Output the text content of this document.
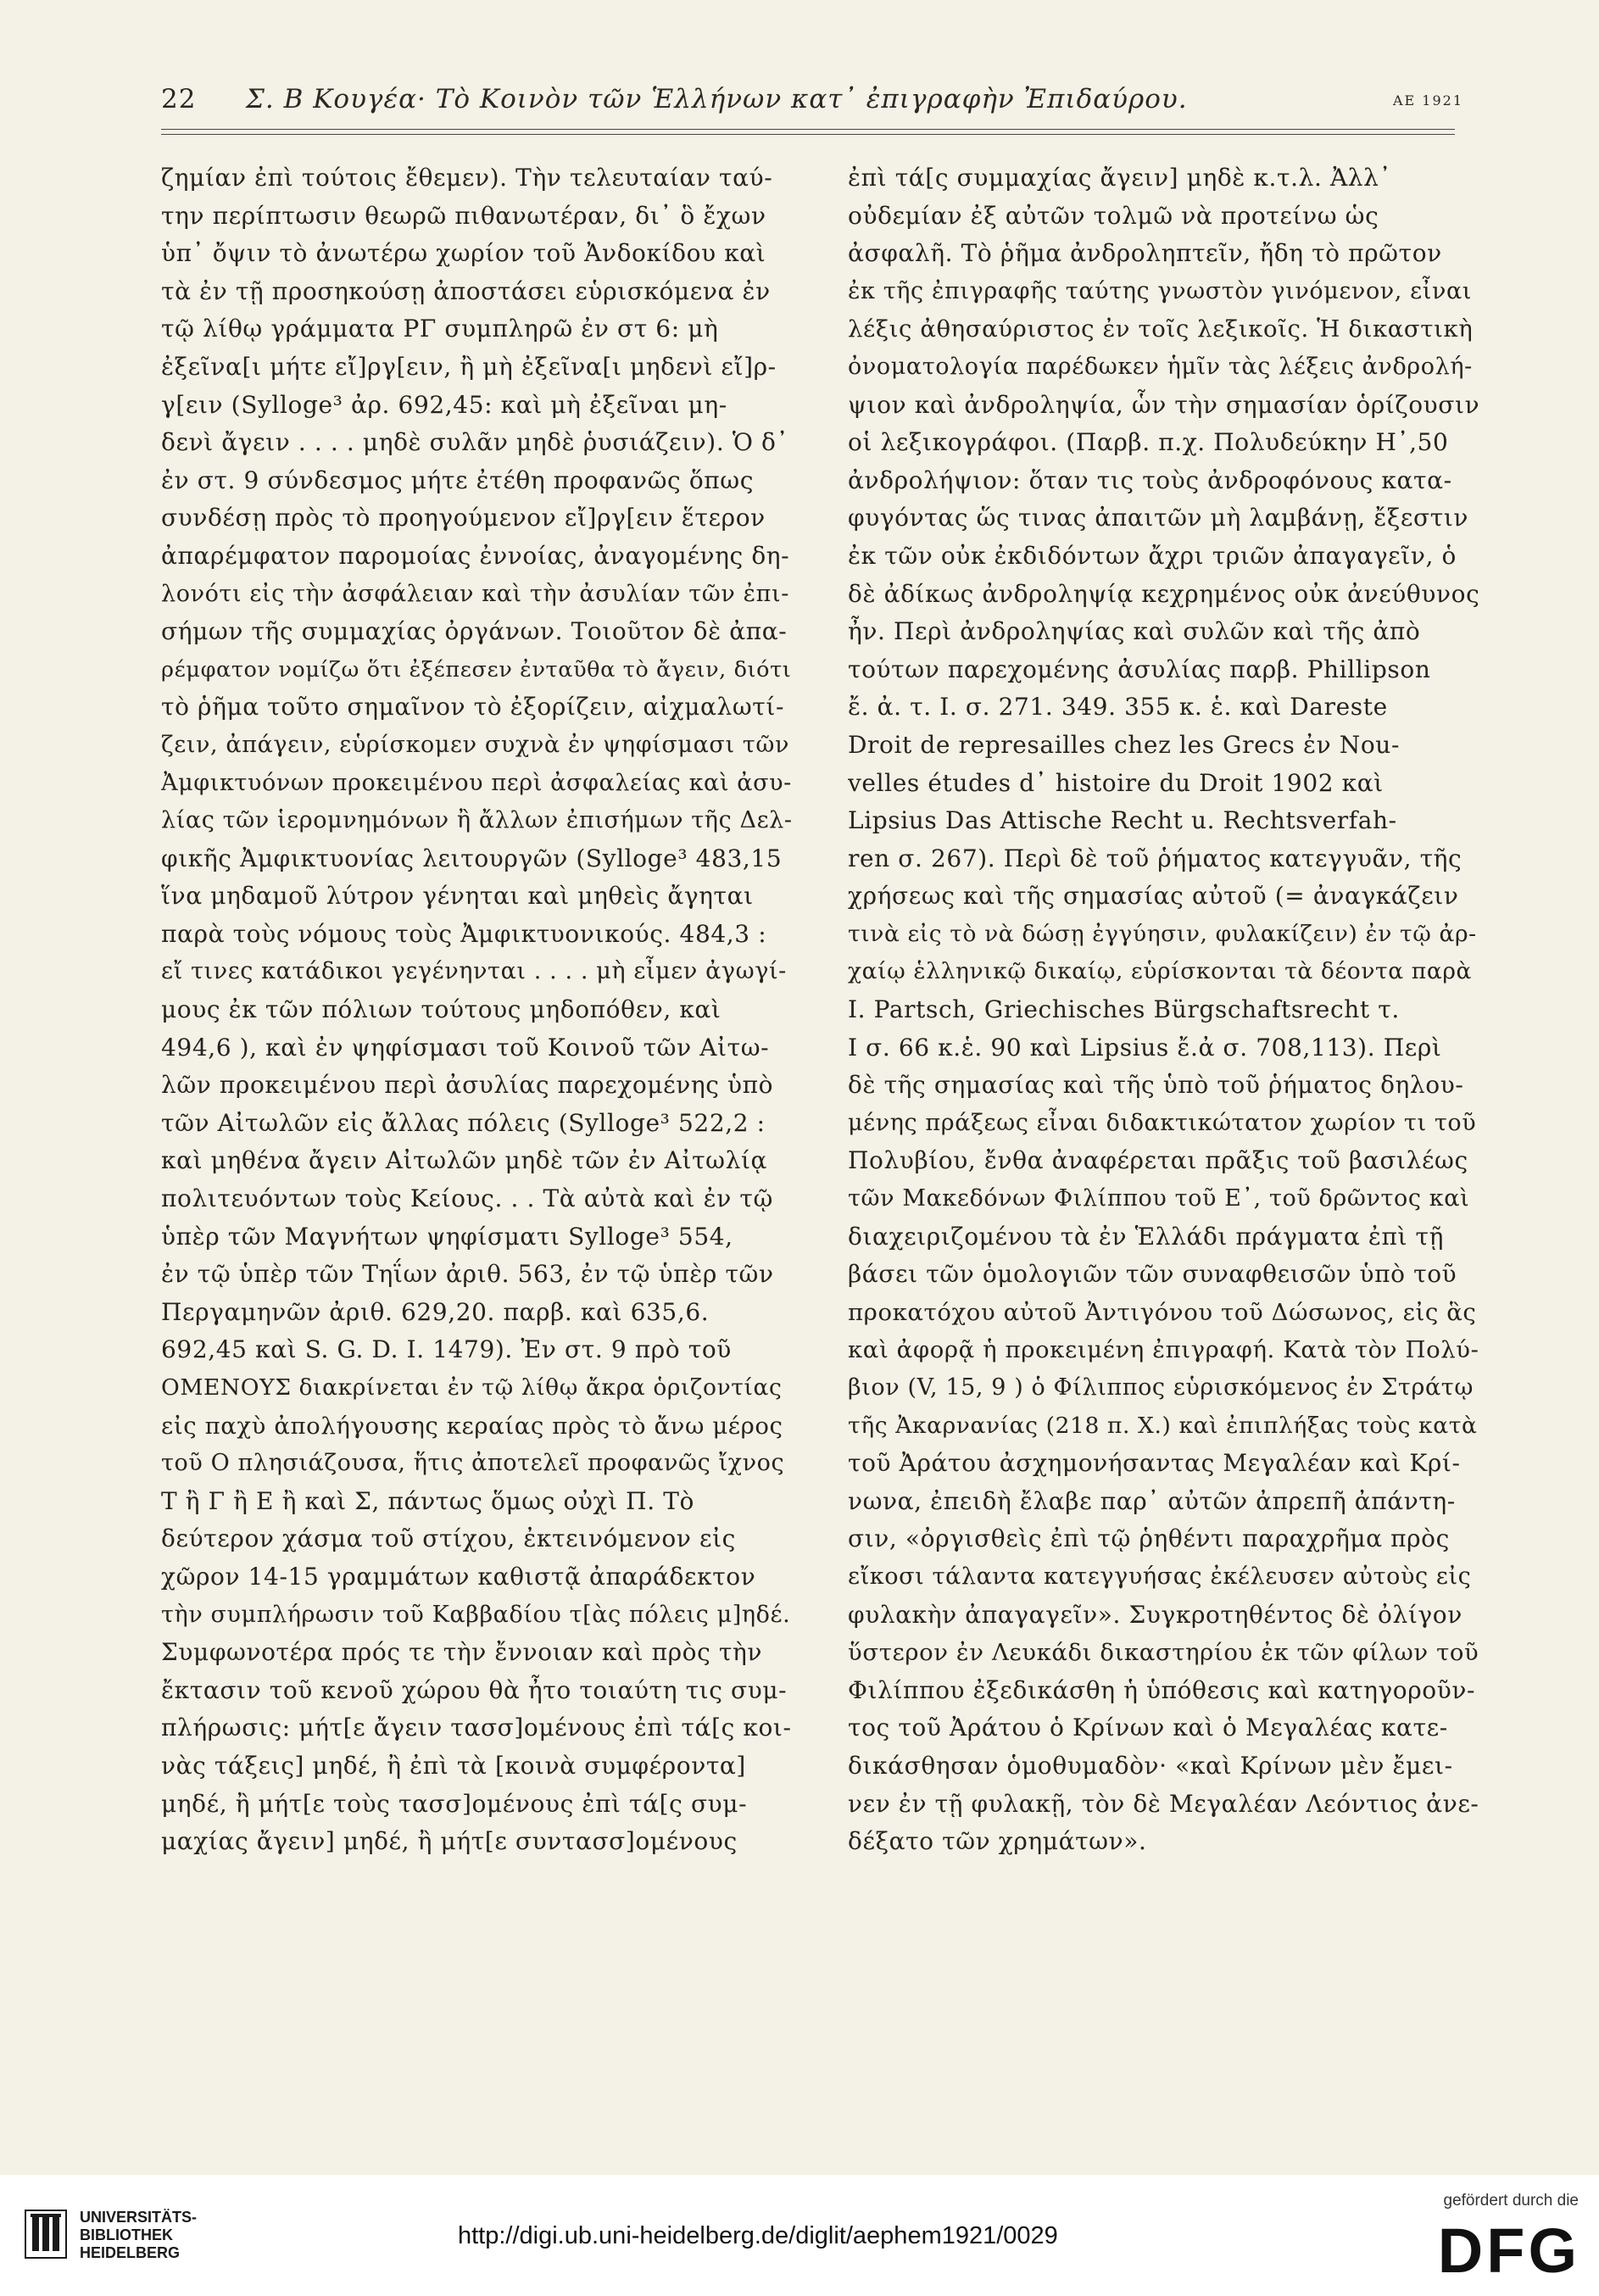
22 Σ. Β Κουγέα· Τὸ Κοινὸν τῶν Ἑλλήνων κατ᾽ ἐπιγραφὴν Ἐπιδαύρου.	ΑΕ 1921
ζημίαν ἐπὶ τούτοις ἔθεμεν). Τὴν τελευταίαν ταύ-
την περίπτωσιν θεωρῶ πιθανωτέραν, δι᾽ ὃ ἔχων
ὑπ᾽ ὄψιν τὸ ἀνωτέρω χωρίον τοῦ Ἀνδοκίδου καὶ
τὰ ἐν τῇ προσηκούσῃ ἀποστάσει εὑρισκόμενα ἐν
τῷ λίθῳ γράμματα ΡΓ συμπληρῶ ἐν στ 6: μὴ
ἐξεῖνα[ι μήτε εἴ]ργ[ειν, ἢ μὴ ἐξεῖνα[ι μηδενὶ εἴ]ρ-
γ[ειν (Sylloge³ ἀρ. 692,45: καὶ μὴ ἐξεῖναι μη-
δενὶ ἄγειν . . . . μηδὲ συλᾶν μηδὲ ῥυσιάζειν). Ὁ δ᾽
ἐν στ. 9 σύνδεσμος μήτε ἐτέθη προφανῶς ὅπως
συνδέσῃ πρὸς τὸ προηγούμενον εἴ]ργ[ειν ἕτερον
ἀπαρέμφατον παρομοίας ἐννοίας, ἀναγομένης δη-
λονότι εἰς τὴν ἀσφάλειαν καὶ τὴν ἀσυλίαν τῶν ἐπι-
σήμων τῆς συμμαχίας ὀργάνων. Τοιοῦτον δὲ ἀπα-
ρέμφατον νομίζω ὅτι ἐξέπεσεν ἐνταῦθα τὸ ἄγειν, διότι
τὸ ῥῆμα τοῦτο σημαῖνον τὸ ἐξορίζειν, αἰχμαλωτί-
ζειν, ἀπάγειν, εὑρίσκομεν συχνὰ ἐν ψηφίσμασι τῶν
Ἀμφικτυόνων προκειμένου περὶ ἀσφαλείας καὶ ἀσυ-
λίας τῶν ἱερομνημόνων ἢ ἄλλων ἐπισήμων τῆς Δελ-
φικῆς Ἀμφικτυονίας λειτουργῶν (Sylloge³ 483,15
ἵνα μηδαμοῦ λύτρον γένηται καὶ μηθεὶς ἄγηται
παρὰ τοὺς νόμους τοὺς Ἀμφικτυονικούς. 484,3 :
εἴ τινες κατάδικοι γεγένηνται . . . . μὴ εἶμεν ἀγωγί-
μους ἐκ τῶν πόλιων τούτους μηδοπόθεν, καὶ
494,6 ), καὶ ἐν ψηφίσμασι τοῦ Κοινοῦ τῶν Αἰτω-
λῶν προκειμένου περὶ ἀσυλίας παρεχομένης ὑπὸ
τῶν Αἰτωλῶν εἰς ἄλλας πόλεις (Sylloge³ 522,2 :
καὶ μηθένα ἄγειν Αἰτωλῶν μηδὲ τῶν ἐν Αἰτωλίᾳ
πολιτευόντων τοὺς Κείους. . . Τὰ αὐτὰ καὶ ἐν τῷ
ὑπὲρ τῶν Μαγνήτων ψηφίσματι Sylloge³ 554,
ἐν τῷ ὑπὲρ τῶν Τηΐων ἀριθ. 563, ἐν τῷ ὑπὲρ τῶν
Περγαμηνῶν ἀριθ. 629,20. παρβ. καὶ 635,6.
692,45 καὶ S. G. D. I. 1479). Ἐν στ. 9 πρὸ τοῦ
ΟΜΕΝΟΥΣ διακρίνεται ἐν τῷ λίθῳ ἄκρα ὁριζοντίας
εἰς παχὺ ἀπολήγουσης κεραίας πρὸς τὸ ἄνω μέρος
τοῦ Ο πλησιάζουσα, ἥτις ἀποτελεῖ προφανῶς ἴχνος
Τ ἢ Γ ἢ Ε ἢ καὶ Σ, πάντως ὅμως οὐχὶ Π. Τὸ
δεύτερον χάσμα τοῦ στίχου, ἐκτεινόμενον εἰς
χῶρον 14-15 γραμμάτων καθιστᾷ ἀπαράδεκτον
τὴν συμπλήρωσιν τοῦ Καββαδίου τ[ὰς πόλεις μ]ηδέ.
Συμφωνοτέρα πρός τε τὴν ἔννοιαν καὶ πρὸς τὴν
ἔκτασιν τοῦ κενοῦ χώρου θὰ ἦτο τοιαύτη τις συμ-
πλήρωσις: μήτ[ε ἄγειν τασσ]ομένους ἐπὶ τά[ς κοι-
νὰς τάξεις] μηδέ, ἢ ἐπὶ τὰ [κοινὰ συμφέροντα]
μηδέ, ἢ μήτ[ε τοὺς τασσ]ομένους ἐπὶ τά[ς συμ-
μαχίας ἄγειν] μηδέ, ἢ μήτ[ε συντασσ]ομένους
ἐπὶ τά[ς συμμαχίας ἄγειν] μηδὲ κ.τ.λ. Ἀλλ᾽
οὐδεμίαν ἐξ αὐτῶν τολμῶ νὰ προτείνω ὡς
ἀσφαλῆ. Τὸ ῥῆμα ἀνδροληπτεῖν, ἤδη τὸ πρῶτον
ἐκ τῆς ἐπιγραφῆς ταύτης γνωστὸν γινόμενον, εἶναι
λέξις ἀθησαύριστος ἐν τοῖς λεξικοῖς. Ἡ δικαστικὴ
ὀνοματολογία παρέδωκεν ἡμῖν τὰς λέξεις ἀνδρολή-
ψιον καὶ ἀνδροληψία, ὧν τὴν σημασίαν ὁρίζουσιν
οἱ λεξικογράφοι. (Παρβ. π.χ. Πολυδεύκην Η᾽,50
ἀνδρολήψιον: ὅταν τις τοὺς ἀνδροφόνους κατα-
φυγόντας ὥς τινας ἀπαιτῶν μὴ λαμβάνῃ, ἔξεστιν
ἐκ τῶν οὐκ ἐκδιδόντων ἄχρι τριῶν ἀπαγαγεῖν, ὁ
δὲ ἀδίκως ἀνδροληψίᾳ κεχρημένος οὐκ ἀνεύθυνος
ἦν. Περὶ ἀνδροληψίας καὶ συλῶν καὶ τῆς ἀπὸ
τούτων παρεχομένης ἀσυλίας παρβ. Phillipson
ἔ. ἀ. τ. I. σ. 271. 349. 355 κ. ἑ. καὶ Dareste
Droit de represailles chez les Grecs ἐν Nou-
velles études d᾽ histoire du Droit 1902 καὶ
Lipsius Das Attische Recht u. Rechtsverfah-
ren σ. 267). Περὶ δὲ τοῦ ῥήματος κατεγγυᾶν, τῆς
χρήσεως καὶ τῆς σημασίας αὐτοῦ (= ἀναγκάζειν
τινὰ εἰς τὸ νὰ δώσῃ ἐγγύησιν, φυλακίζειν) ἐν τῷ ἀρ-
χαίῳ ἑλληνικῷ δικαίῳ, εὑρίσκονται τὰ δέοντα παρὰ
I. Partsch, Griechisches Bürgschaftsrecht τ.
I σ. 66 κ.ἑ. 90 καὶ Lipsius ἔ.ἀ σ. 708,113). Περὶ
δὲ τῆς σημασίας καὶ τῆς ὑπὸ τοῦ ῥήματος δηλου-
μένης πράξεως εἶναι διδακτικώτατον χωρίον τι τοῦ
Πολυβίου, ἔνθα ἀναφέρεται πρᾶξις τοῦ βασιλέως
τῶν Μακεδόνων Φιλίππου τοῦ Ε᾽, τοῦ δρῶντος καὶ
διαχειριζομένου τὰ ἐν Ἑλλάδι πράγματα ἐπὶ τῇ
βάσει τῶν ὁμολογιῶν τῶν συναφθεισῶν ὑπὸ τοῦ
προκατόχου αὐτοῦ Ἀντιγόνου τοῦ Δώσωνος, εἰς ἃς
καὶ ἀφορᾷ ἡ προκειμένη ἐπιγραφή. Κατὰ τὸν Πολύ-
βιον (V, 15, 9 ) ὁ Φίλιππος εὑρισκόμενος ἐν Στράτῳ
τῆς Ἀκαρνανίας (218 π. Χ.) καὶ ἐπιπλήξας τοὺς κατὰ
τοῦ Ἀράτου ἀσχημονήσαντας Μεγαλέαν καὶ Κρί-
νωνα, ἐπειδὴ ἔλαβε παρ᾽ αὐτῶν ἀπρεπῆ ἀπάντη-
σιν, «ὀργισθεὶς ἐπὶ τῷ ῥηθέντι παραχρῆμα πρὸς
εἴκοσι τάλαντα κατεγγυήσας ἐκέλευσεν αὐτοὺς εἰς
φυλακὴν ἀπαγαγεῖν». Συγκροτηθέντος δὲ ὀλίγον
ὕστερον ἐν Λευκάδι δικαστηρίου ἐκ τῶν φίλων τοῦ
Φιλίππου ἐξεδικάσθη ἡ ὑπόθεσις καὶ κατηγοροῦν-
τος τοῦ Ἀράτου ὁ Κρίνων καὶ ὁ Μεγαλέας κατε-
δικάσθησαν ὁμοθυμαδὸν· «καὶ Κρίνων μὲν ἔμει-
νεν ἐν τῇ φυλακῇ, τὸν δὲ Μεγαλέαν Λεόντιος ἀνε-
δέξατο τῶν χρημάτων».
UNIVERSITÄTS-
BIBLIOTHEK
HEIDELBERG
http://digi.ub.uni-heidelberg.de/diglit/aephem1921/0029
gefördert durch die
DFG
